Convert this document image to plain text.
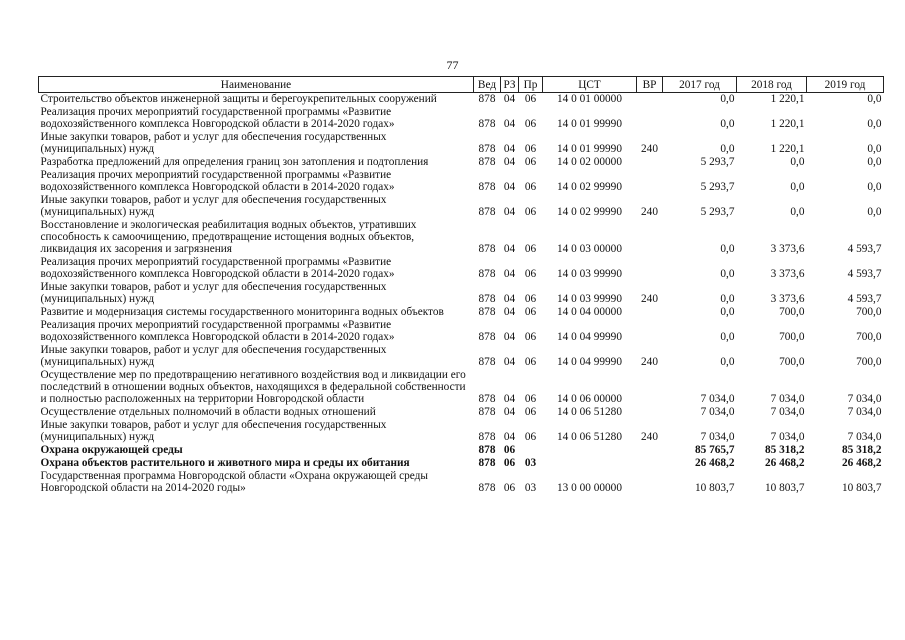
77
Наименование	Вед	РЗ	Пр	ЦСТ	ВР	2017 год	2018 год	2019 год
Строительство объектов инженерной защиты и берегоукрепительных сооружений	878	04	06	14 0 01 00000		0,0	1 220,1	0,0
Реализация прочих мероприятий государственной программы «Развитие водохозяйственного комплекса Новгородской области в 2014-2020 годах»	878	04	06	14 0 01 99990		0,0	1 220,1	0,0
Иные закупки товаров, работ и услуг для обеспечения государственных (муниципальных) нужд	878	04	06	14 0 01 99990	240	0,0	1 220,1	0,0
Разработка предложений для определения границ зон затопления и подтопления	878	04	06	14 0 02 00000		5 293,7	0,0	0,0
Реализация прочих мероприятий государственной программы «Развитие водохозяйственного комплекса Новгородской области в 2014-2020 годах»	878	04	06	14 0 02 99990		5 293,7	0,0	0,0
Иные закупки товаров, работ и услуг для обеспечения государственных (муниципальных) нужд	878	04	06	14 0 02 99990	240	5 293,7	0,0	0,0
Восстановление и экологическая реабилитация водных объектов, утративших способность к самоочищению, предотвращение истощения водных объектов, ликвидация их засорения и загрязнения	878	04	06	14 0 03 00000		0,0	3 373,6	4 593,7
Реализация прочих мероприятий государственной программы «Развитие водохозяйственного комплекса Новгородской области в 2014-2020 годах»	878	04	06	14 0 03 99990		0,0	3 373,6	4 593,7
Иные закупки товаров, работ и услуг для обеспечения государственных (муниципальных) нужд	878	04	06	14 0 03 99990	240	0,0	3 373,6	4 593,7
Развитие и модернизация системы государственного мониторинга водных объектов	878	04	06	14 0 04 00000		0,0	700,0	700,0
Реализация прочих мероприятий государственной программы «Развитие водохозяйственного комплекса Новгородской области в 2014-2020 годах»	878	04	06	14 0 04 99990		0,0	700,0	700,0
Иные закупки товаров, работ и услуг для обеспечения государственных (муниципальных) нужд	878	04	06	14 0 04 99990	240	0,0	700,0	700,0
Осуществление мер по предотвращению негативного воздействия вод и ликвидации его последствий в отношении водных объектов, находящихся в федеральной собственности и полностью расположенных на территории Новгородской области	878	04	06	14 0 06 00000		7 034,0	7 034,0	7 034,0
Осуществление отдельных полномочий в области водных отношений	878	04	06	14 0 06 51280		7 034,0	7 034,0	7 034,0
Иные закупки товаров, работ и услуг для обеспечения государственных (муниципальных) нужд	878	04	06	14 0 06 51280	240	7 034,0	7 034,0	7 034,0
Охрана окружающей среды	878	06				85 765,7	85 318,2	85 318,2
Охрана объектов растительного и животного мира и среды их обитания	878	06	03			26 468,2	26 468,2	26 468,2
Государственная программа Новгородской области «Охрана окружающей среды Новгородской области на 2014-2020 годы»	878	06	03	13 0 00 00000		10 803,7	10 803,7	10 803,7
